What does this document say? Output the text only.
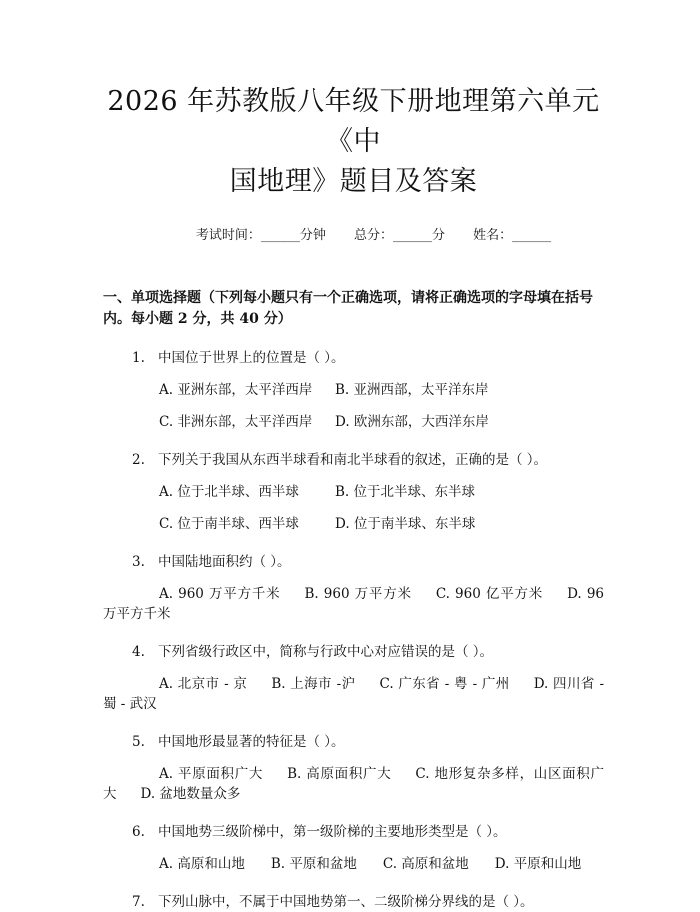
2026 年苏教版八年级下册地理第六单元《中
国地理》题目及答案
考试时间：______分钟 总分：______分 姓名：______
一、单项选择题（下列每小题只有一个正确选项，请将正确选项的字母填在括号内。每小题 2 分，共 40 分）
1. 中国位于世界上的位置是（ ）。
A. 亚洲东部，太平洋西岸	B. 亚洲西部，太平洋东岸
C. 非洲东部，太平洋西岸	D. 欧洲东部，大西洋东岸
2. 下列关于我国从东西半球看和南北半球看的叙述，正确的是（ ）。
A. 位于北半球、西半球	B. 位于北半球、东半球
C. 位于南半球、西半球	D. 位于南半球、东半球
3. 中国陆地面积约（ ）。
A. 960 万平方千米 B. 960 万平方米 C. 960 亿平方米 D. 96 万平方千米
4. 下列省级行政区中，简称与行政中心对应错误的是（ ）。
A. 北京市 - 京 B. 上海市 -沪 C. 广东省 - 粤 - 广州 D. 四川省 - 蜀 - 武汉
5. 中国地形最显著的特征是（ ）。
A. 平原面积广大 B. 高原面积广大 C. 地形复杂多样，山区面积广大 D. 盆地数量众多
6. 中国地势三级阶梯中，第一级阶梯的主要地形类型是（ ）。
A. 高原和山地 B. 平原和盆地 C. 高原和盆地 D. 平原和山地
7. 下列山脉中，不属于中国地势第一、二级阶梯分界线的是（ ）。
